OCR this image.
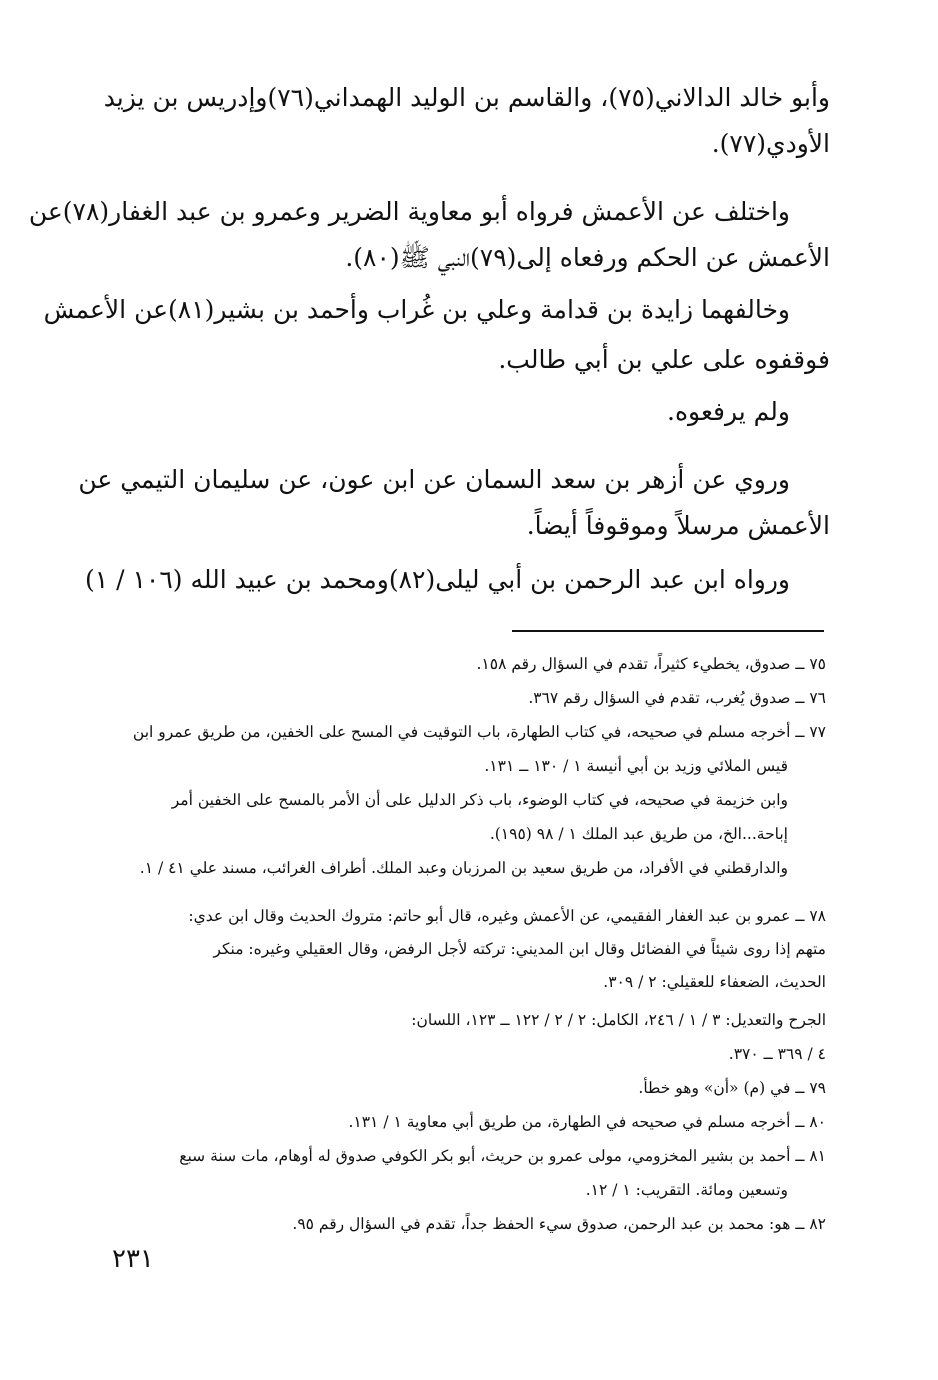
وأبو خالد الدالاني(٧٥)، والقاسم بن الوليد الهمداني(٧٦)وإدريس بن يزيد
الأودي(٧٧).
واختلف عن الأعمش فرواه أبو معاوية الضرير وعمرو بن عبد الغفار(٧٨)عن
الأعمش عن الحكم ورفعاه إلى(٧٩)النبي ﷺ(٨٠).
وخالفهما زايدة بن قدامة وعلي بن غُراب وأحمد بن بشير(٨١)عن الأعمش
فوقفوه على علي بن أبي طالب.
ولم يرفعوه.
وروي عن أزهر بن سعد السمان عن ابن عون، عن سليمان التيمي عن
الأعمش مرسلاً وموقوفاً أيضاً.
ورواه ابن عبد الرحمن بن أبي ليلى(٨٢)ومحمد بن عبيد الله (١٠٦ / ١)
٧٥ ــ صدوق، يخطيء كثيراً، تقدم في السؤال رقم ١٥٨.
٧٦ ــ صدوق يُغرب، تقدم في السؤال رقم ٣٦٧.
٧٧ ــ أخرجه مسلم في صحيحه، في كتاب الطهارة، باب التوقيت في المسح على الخفين، من طريق عمرو ابن
قيس الملائي وزيد بن أبي أنيسة ١ / ١٣٠ ــ ١٣١.
وابن خزيمة في صحيحه، في كتاب الوضوء، باب ذكر الدليل على أن الأمر بالمسح على الخفين أمر
إباحة...الخ، من طريق عبد الملك ١ / ٩٨ (١٩٥).
والدارقطني في الأفراد، من طريق سعيد بن المرزبان وعبد الملك. أطراف الغرائب، مسند علي ٤١ / ١.
٧٨ ــ عمرو بن عبد الغفار الفقيمي، عن الأعمش وغيره، قال أبو حاتم: متروك الحديث وقال ابن عدي:
متهم إذا روى شيئاً في الفضائل وقال ابن المديني: تركته لأجل الرفض، وقال العقيلي وغيره: منكر
الحديث، الضعفاء للعقيلي: ٢ / ٣٠٩.
الجرح والتعديل: ٣ / ١ / ٢٤٦، الكامل: ٢ / ٢ / ١٢٢ ــ ١٢٣، اللسان:
٤ / ٣٦٩ ــ ٣٧٠.
٧٩ ــ في (م) «أن» وهو خطأ.
٨٠ ــ أخرجه مسلم في صحيحه في الطهارة، من طريق أبي معاوية ١ / ١٣١.
٨١ ــ أحمد بن بشير المخزومي، مولى عمرو بن حريث، أبو بكر الكوفي صدوق له أوهام، مات سنة سبع
وتسعين ومائة. التقريب: ١ / ١٢.
٨٢ ــ هو: محمد بن عبد الرحمن، صدوق سيء الحفظ جداً، تقدم في السؤال رقم ٩٥.
٢٣١
